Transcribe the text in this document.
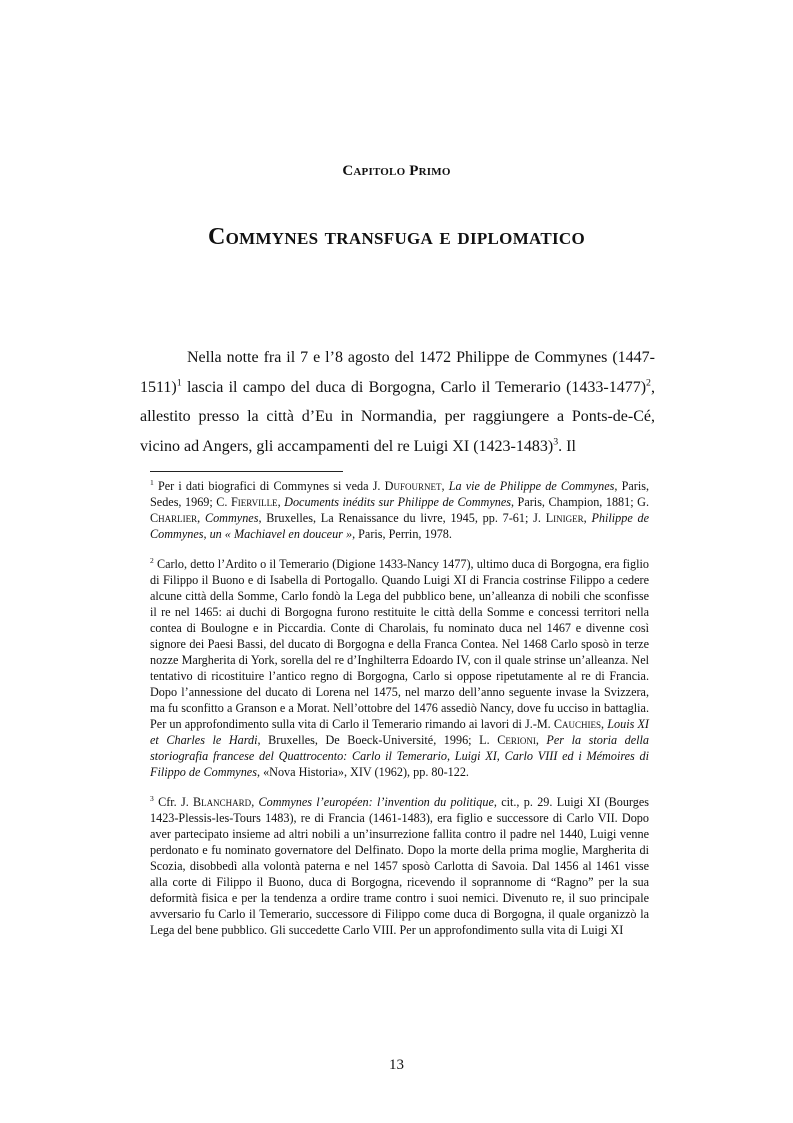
Capitolo Primo
Commynes transfuga e diplomatico

Nella notte fra il 7 e l’8 agosto del 1472 Philippe de Commynes (1447-1511)$^1$ lascia il campo del duca di Borgogna, Carlo il Temerario (1433-1477)$^2$, allestito presso la città d’Eu in Normandia, per raggiungere a Ponts-de-Cé, vicino ad Angers, gli accampamenti del re Luigi XI (1423-1483)$^3$. Il

$^1$ Per i dati biografici di Commynes si veda J. Dufournet, La vie de Philippe de Commynes, Paris, Sedes, 1969; C. Fierville, Documents inédits sur Philippe de Commynes, Paris, Champion, 1881; G. Charlier, Commynes, Bruxelles, La Renaissance du livre, 1945, pp. 7-61; J. Liniger, Philippe de Commynes, un « Machiavel en douceur », Paris, Perrin, 1978.

$^2$ Carlo, detto l’Ardito o il Temerario (Digione 1433-Nancy 1477), ultimo duca di Borgogna, era figlio di Filippo il Buono e di Isabella di Portogallo. Quando Luigi XI di Francia costrinse Filippo a cedere alcune città della Somme, Carlo fondò la Lega del pubblico bene, un’alleanza di nobili che sconfisse il re nel 1465: ai duchi di Borgogna furono restituite le città della Somme e concessi territori nella contea di Boulogne e in Piccardia. Conte di Charolais, fu nominato duca nel 1467 e divenne così signore dei Paesi Bassi, del ducato di Borgogna e della Franca Contea. Nel 1468 Carlo sposò in terze nozze Margherita di York, sorella del re d’Inghilterra Edoardo IV, con il quale strinse un’alleanza. Nel tentativo di ricostituire l’antico regno di Borgogna, Carlo si oppose ripetutamente al re di Francia. Dopo l’annessione del ducato di Lorena nel 1475, nel marzo dell’anno seguente invase la Svizzera, ma fu sconfitto a Granson e a Morat. Nell’ottobre del 1476 assediò Nancy, dove fu ucciso in battaglia. Per un approfondimento sulla vita di Carlo il Temerario rimando ai lavori di J.-M. Cauchies, Louis XI et Charles le Hardi, Bruxelles, De Boeck-Université, 1996; L. Cerioni, Per la storia della storiografia francese del Quattrocento: Carlo il Temerario, Luigi XI, Carlo VIII ed i Mémoires di Filippo de Commynes, «Nova Historia», XIV (1962), pp. 80-122.

$^3$ Cfr. J. Blanchard, Commynes l’européen: l’invention du politique, cit., p. 29. Luigi XI (Bourges 1423-Plessis-les-Tours 1483), re di Francia (1461-1483), era figlio e successore di Carlo VII. Dopo aver partecipato insieme ad altri nobili a un’insurrezione fallita contro il padre nel 1440, Luigi venne perdonato e fu nominato governatore del Delfinato. Dopo la morte della prima moglie, Margherita di Scozia, disobbedì alla volontà paterna e nel 1457 sposò Carlotta di Savoia. Dal 1456 al 1461 visse alla corte di Filippo il Buono, duca di Borgogna, ricevendo il soprannome di “Ragno” per la sua deformità fisica e per la tendenza a ordire trame contro i suoi nemici. Divenuto re, il suo principale avversario fu Carlo il Temerario, successore di Filippo come duca di Borgogna, il quale organizzò la Lega del bene pubblico. Gli succedette Carlo VIII. Per un approfondimento sulla vita di Luigi XI

13
